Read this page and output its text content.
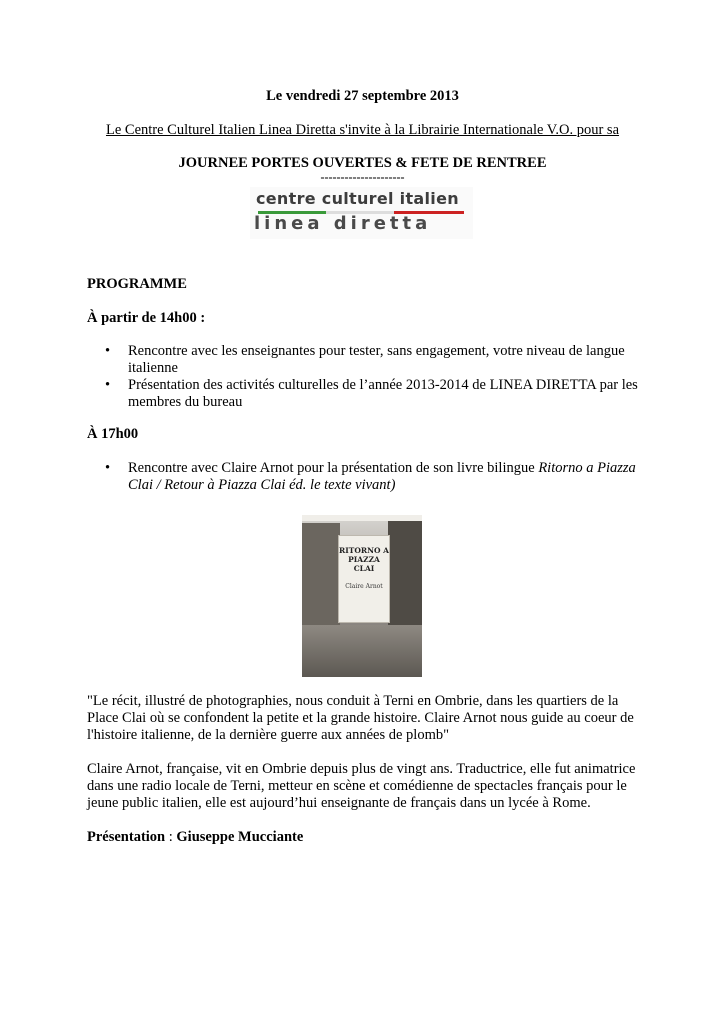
Le vendredi 27 septembre 2013
Le Centre Culturel Italien Linea Diretta s'invite à la Librairie Internationale V.O. pour sa
JOURNEE PORTES OUVERTES & FETE DE RENTREE
---------------------
centre culturel italien
linea diretta
PROGRAMME
À partir de 14h00 :
• Rencontre avec les enseignantes pour tester, sans engagement, votre niveau de langue italienne
• Présentation des activités culturelles de l’année 2013-2014 de LINEA DIRETTA par les membres du bureau
À 17h00
• Rencontre avec Claire Arnot pour la présentation de son livre bilingue Ritorno a Piazza Clai / Retour à Piazza Clai éd. le texte vivant)
RITORNO A PIAZZA CLAI
Claire Arnot
"Le récit, illustré de photographies, nous conduit à Terni en Ombrie, dans les quartiers de la Place Clai où se confondent la petite et la grande histoire. Claire Arnot nous guide au coeur de l'histoire italienne, de la dernière guerre aux années de plomb"
Claire Arnot, française, vit en Ombrie depuis plus de vingt ans. Traductrice, elle fut animatrice dans une radio locale de Terni, metteur en scène et comédienne de spectacles français pour le jeune public italien, elle est aujourd’hui enseignante de français dans un lycée à Rome.
Présentation : Giuseppe Mucciante
